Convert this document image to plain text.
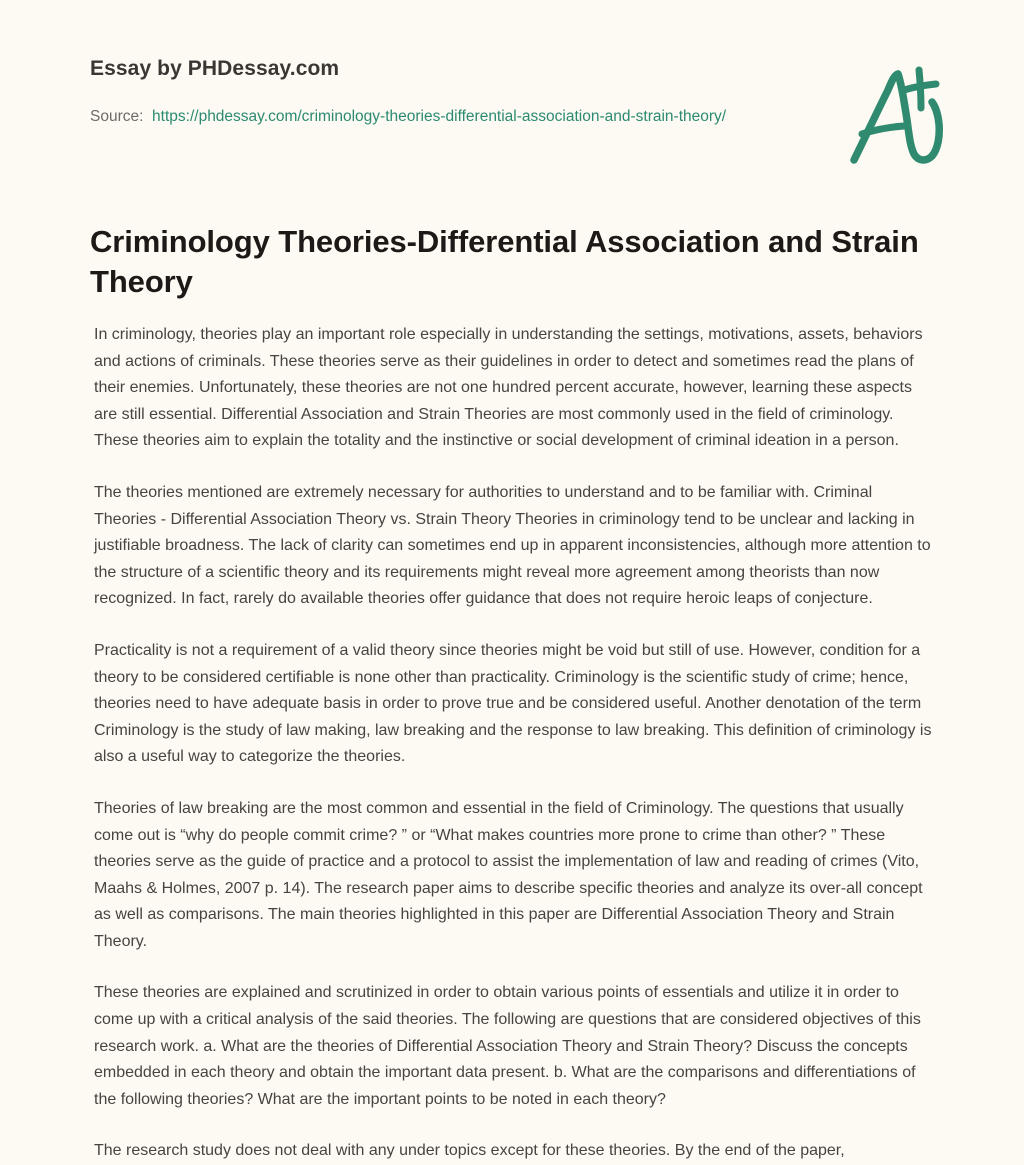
Essay by PHDessay.com
Source: https://phdessay.com/criminology-theories-differential-association-and-strain-theory/
Criminology Theories-Differential Association and Strain Theory

In criminology, theories play an important role especially in understanding the settings, motivations, assets, behaviors and actions of criminals. These theories serve as their guidelines in order to detect and sometimes read the plans of their enemies. Unfortunately, these theories are not one hundred percent accurate, however, learning these aspects are still essential. Differential Association and Strain Theories are most commonly used in the field of criminology. These theories aim to explain the totality and the instinctive or social development of criminal ideation in a person.

The theories mentioned are extremely necessary for authorities to understand and to be familiar with. Criminal Theories - Differential Association Theory vs. Strain Theory Theories in criminology tend to be unclear and lacking in justifiable broadness. The lack of clarity can sometimes end up in apparent inconsistencies, although more attention to the structure of a scientific theory and its requirements might reveal more agreement among theorists than now recognized. In fact, rarely do available theories offer guidance that does not require heroic leaps of conjecture.

Practicality is not a requirement of a valid theory since theories might be void but still of use. However, condition for a theory to be considered certifiable is none other than practicality. Criminology is the scientific study of crime; hence, theories need to have adequate basis in order to prove true and be considered useful. Another denotation of the term Criminology is the study of law making, law breaking and the response to law breaking. This definition of criminology is also a useful way to categorize the theories.

Theories of law breaking are the most common and essential in the field of Criminology. The questions that usually come out is “why do people commit crime? ” or “What makes countries more prone to crime than other? ” These theories serve as the guide of practice and a protocol to assist the implementation of law and reading of crimes (Vito, Maahs & Holmes, 2007 p. 14). The research paper aims to describe specific theories and analyze its over-all concept as well as comparisons. The main theories highlighted in this paper are Differential Association Theory and Strain Theory.

These theories are explained and scrutinized in order to obtain various points of essentials and utilize it in order to come up with a critical analysis of the said theories. The following are questions that are considered objectives of this research work. a. What are the theories of Differential Association Theory and Strain Theory? Discuss the concepts embedded in each theory and obtain the important data present. b. What are the comparisons and differentiations of the following theories? What are the important points to be noted in each theory?

The research study does not deal with any under topics except for these theories. By the end of the paper,
